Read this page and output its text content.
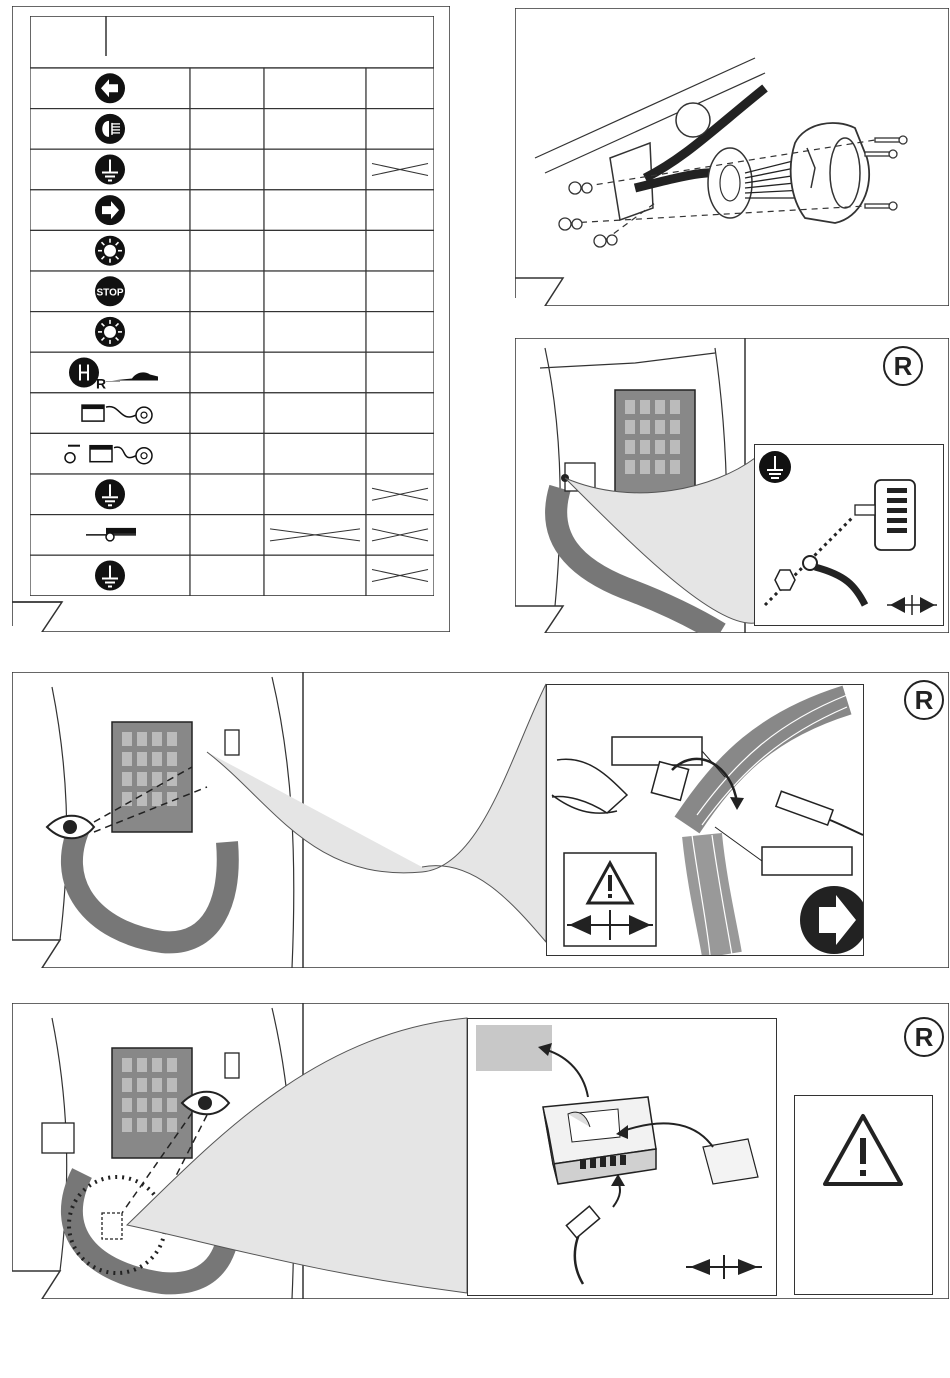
STOP
R
R
R
R
